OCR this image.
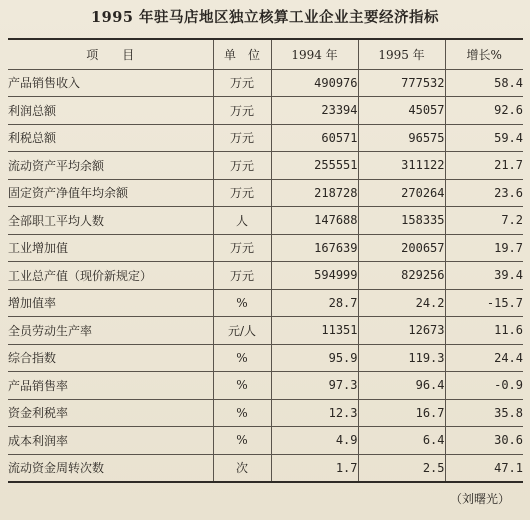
1995 年驻马店地区独立核算工业企业主要经济指标
项　　目	单　位	1994 年	1995 年	增长%
产品销售收入	万元	490976	777532	58.4
利润总额	万元	23394	45057	92.6
利税总额	万元	60571	96575	59.4
流动资产平均余额	万元	255551	311122	21.7
固定资产净值年均余额	万元	218728	270264	23.6
全部职工平均人数	人	147688	158335	7.2
工业增加值	万元	167639	200657	19.7
工业总产值（现价新规定）	万元	594999	829256	39.4
增加值率	%	28.7	24.2	-15.7
全员劳动生产率	元/人	11351	12673	11.6
综合指数	%	95.9	119.3	24.4
产品销售率	%	97.3	96.4	-0.9
资金利税率	%	12.3	16.7	35.8
成本利润率	%	4.9	6.4	30.6
流动资金周转次数	次	1.7	2.5	47.1
（刘曙光）
